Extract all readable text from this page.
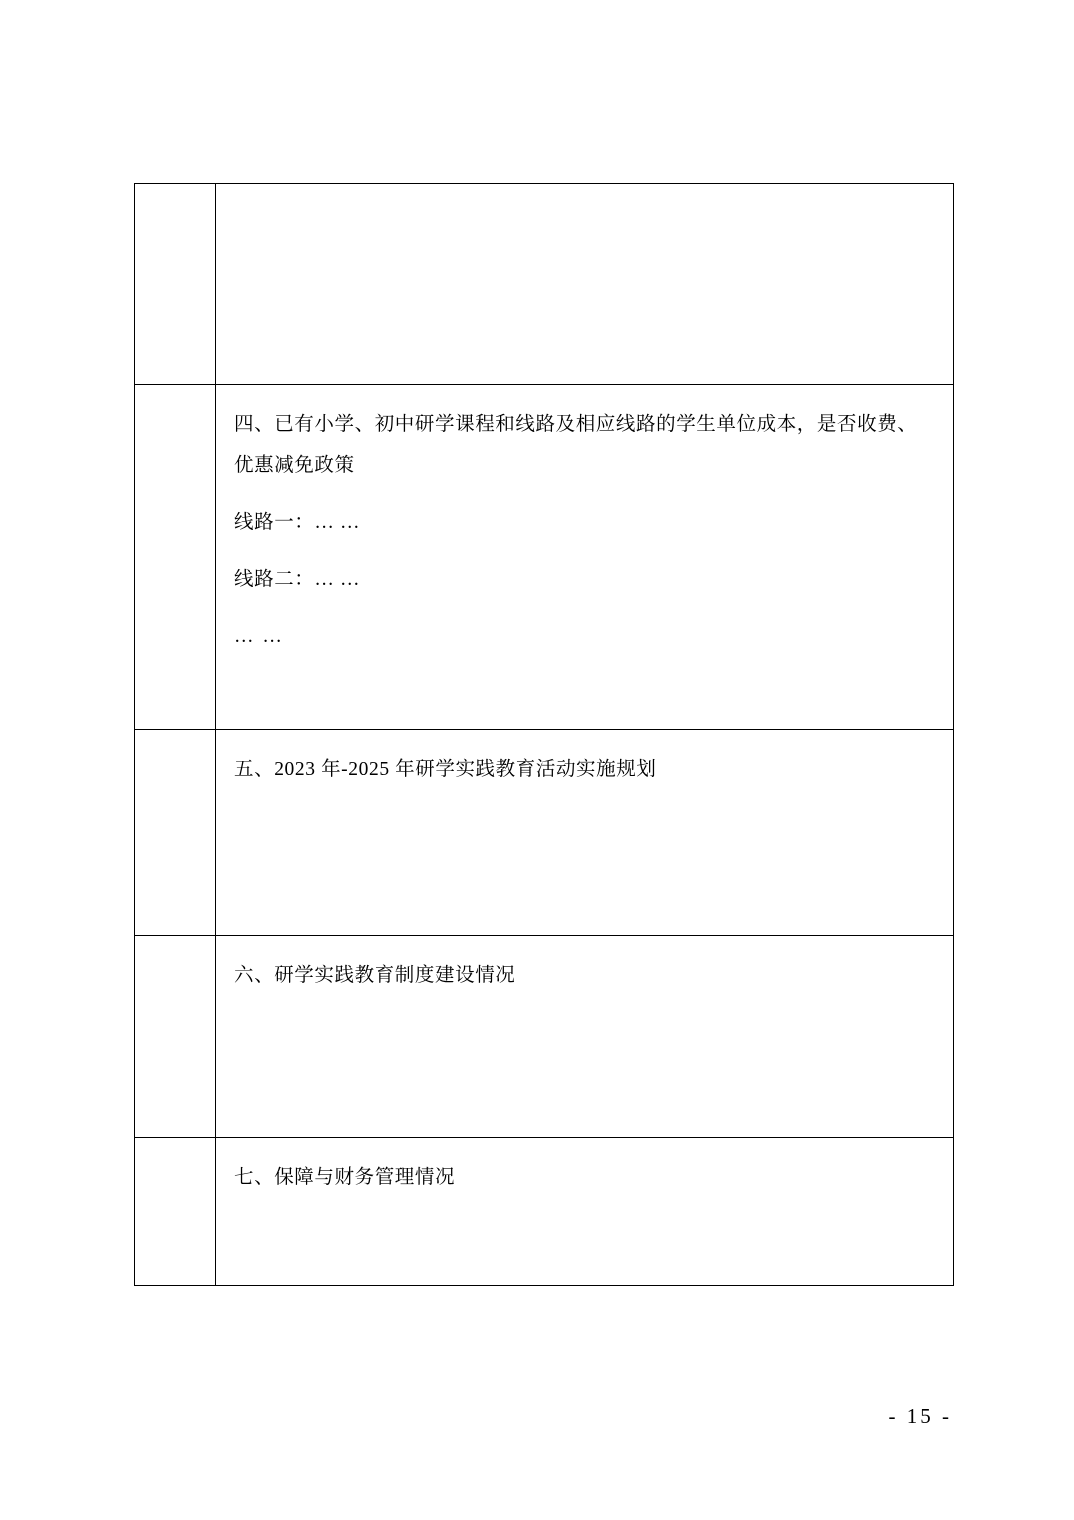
	四、已有小学、初中研学课程和线路及相应线路的学生单位成本，是否收费、优惠减免政策

线路一：… …

线路二：… …

… …

	五、2023 年-2025 年研学实践教育活动实施规划

	六、研学实践教育制度建设情况

	七、保障与财务管理情况

- 15 -
